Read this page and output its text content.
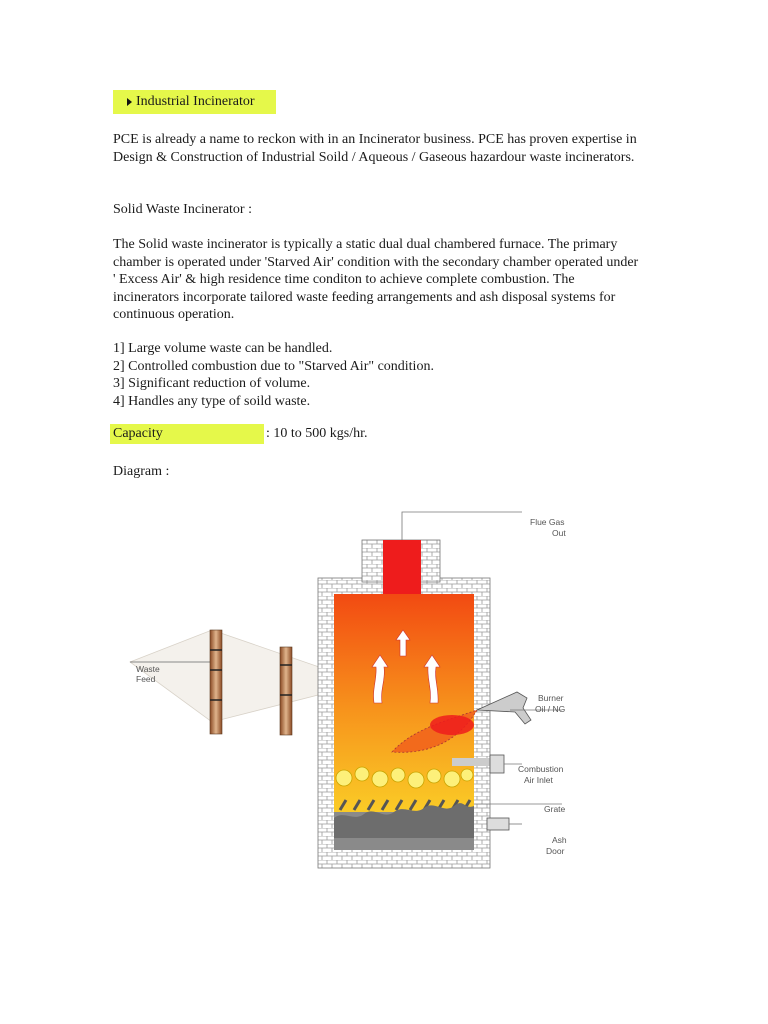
Industrial Incinerator

PCE is already a name to reckon with in an Incinerator business. PCE has proven expertise in Design & Construction of Industrial Soild / Aqueous / Gaseous hazardour waste incinerators.

Solid Waste Incinerator :

The Solid waste incinerator is typically a static dual dual chambered furnace. The primary chamber is operated under 'Starved Air' condition with the secondary chamber operated under ' Excess Air' & high residence time conditon to achieve complete combustion. The incinerators incorporate tailored waste feeding arrangements and ash disposal systems for continuous operation.

1] Large volume waste can be handled.
2] Controlled combustion due to "Starved Air" condition.
3] Significant reduction of volume.
4] Handles any type of soild waste.
Capacity	: 10 to 500 kgs/hr.

Diagram :

Waste
Feed
Flue Gas
Out
Burner
Oil / NG
Combustion
Air Inlet
Grate
Ash
Door
